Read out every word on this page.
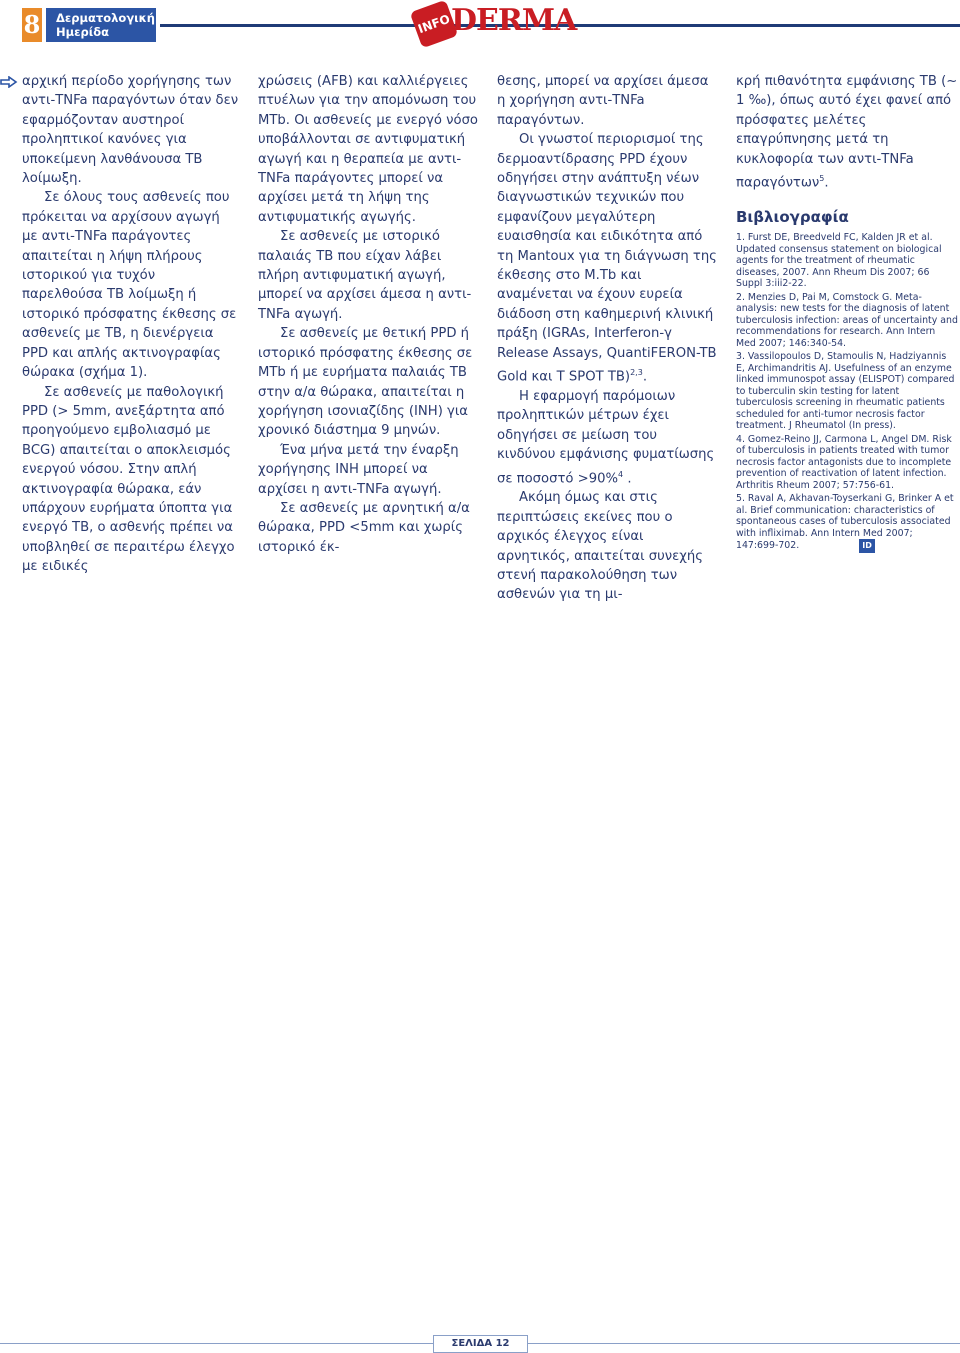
8 Δερματολογική
Ημερίδα	INFO DERMA

αρχική περίοδο χορήγησης των αντι-TNFa παραγόντων όταν δεν εφαρμόζονταν αυστηροί προληπτικοί κανόνες για υποκείμενη λανθάνουσα TB λοίμωξη.

Σε όλους τους ασθενείς που πρόκειται να αρχίσουν αγωγή με αντι-TNFa παράγοντες απαιτείται η λήψη πλήρους ιστορικού για τυχόν παρελθούσα TB λοίμωξη ή ιστορικό πρόσφατης έκθεσης σε ασθενείς με TB, η διενέργεια PPD και απλής ακτινογραφίας θώρακα (σχήμα 1).

Σε ασθενείς με παθολογική PPD (> 5mm, ανεξάρτητα από προηγούμενο εμβολιασμό με BCG) απαιτείται ο αποκλεισμός ενεργού νόσου. Στην απλή ακτινογραφία θώρακα, εάν υπάρχουν ευρήματα ύποπτα για ενεργό TB, ο ασθενής πρέπει να υποβληθεί σε περαιτέρω έλεγχο με ειδικές

χρώσεις (AFB) και καλλιέργειες πτυέλων για την απομόνωση του MTb. Οι ασθενείς με ενεργό νόσο υποβάλλονται σε αντιφυματική αγωγή και η θεραπεία με αντι-TNFa παράγοντες μπορεί να αρχίσει μετά τη λήψη της αντιφυματικής αγωγής.

Σε ασθενείς με ιστορικό παλαιάς TB που είχαν λάβει πλήρη αντιφυματική αγωγή, μπορεί να αρχίσει άμεσα η αντι-TNFa αγωγή.

Σε ασθενείς με θετική PPD ή ιστορικό πρόσφατης έκθεσης σε MTb ή με ευρήματα παλαιάς TB στην α/α θώρακα, απαιτείται η χορήγηση ισονιαζίδης (INH) για χρονικό διάστημα 9 μηνών.

Ένα μήνα μετά την έναρξη χορήγησης INH μπορεί να αρχίσει η αντι-TNFa αγωγή.

Σε ασθενείς με αρνητική α/α θώρακα, PPD <5mm και χωρίς ιστορικό έκ-

θεσης, μπορεί να αρχίσει άμεσα η χορήγηση αντι-TNFa παραγόντων.

Οι γνωστοί περιορισμοί της δερμοαντίδρασης PPD έχουν οδηγήσει στην ανάπτυξη νέων διαγνωστικών τεχνικών που εμφανίζουν μεγαλύτερη ευαισθησία και ειδικότητα από τη Mantoux για τη διάγνωση της έκθεσης στο M.Tb και αναμένεται να έχουν ευρεία διάδοση στη καθημερινή κλινική πράξη (IGRAs, Interferon-γ Release Assays, QuantiFERON-TB Gold και T SPOT TB)$^{2,3}$.

Η εφαρμογή παρόμοιων προληπτικών μέτρων έχει οδηγήσει σε μείωση του κινδύνου εμφάνισης φυματίωσης σε ποσοστό >90%$^4$ .

Ακόμη όμως και στις περιπτώσεις εκείνες που ο αρχικός έλεγχος είναι αρνητικός, απαιτείται συνεχής στενή παρακολούθηση των ασθενών για τη μι-

κρή πιθανότητα εμφάνισης TB (~ 1 ‰), όπως αυτό έχει φανεί από πρόσφατες μελέτες επαγρύπνησης μετά τη κυκλοφορία των αντι-TNFa παραγόντων$^5$.

Βιβλιογραφία

1. Furst DE, Breedveld FC, Kalden JR et al. Updated consensus statement on biological agents for the treatment of rheumatic diseases, 2007. Ann Rheum Dis 2007; 66 Suppl 3:iii2-22.

2. Menzies D, Pai M, Comstock G. Meta-analysis: new tests for the diagnosis of latent tuberculosis infection: areas of uncertainty and recommendations for research. Ann Intern Med 2007; 146:340-54.

3. Vassilopoulos D, Stamoulis N, Hadziyannis E, Archimandritis AJ. Usefulness of an enzyme linked immunospot assay (ELISPOT) compared to tuberculin skin testing for latent tuberculosis screening in rheumatic patients scheduled for anti-tumor necrosis factor treatment. J Rheumatol (In press).

4. Gomez-Reino JJ, Carmona L, Angel DM. Risk of tuberculosis in patients treated with tumor necrosis factor antagonists due to incomplete prevention of reactivation of latent infection. Arthritis Rheum 2007; 57:756-61.

5. Raval A, Akhavan-Toyserkani G, Brinker A et al. Brief communication: characteristics of spontaneous cases of tuberculosis associated with infliximab. Ann Intern Med 2007; 147:699-702.	ID

ΣΕΛΙΔΑ 12
